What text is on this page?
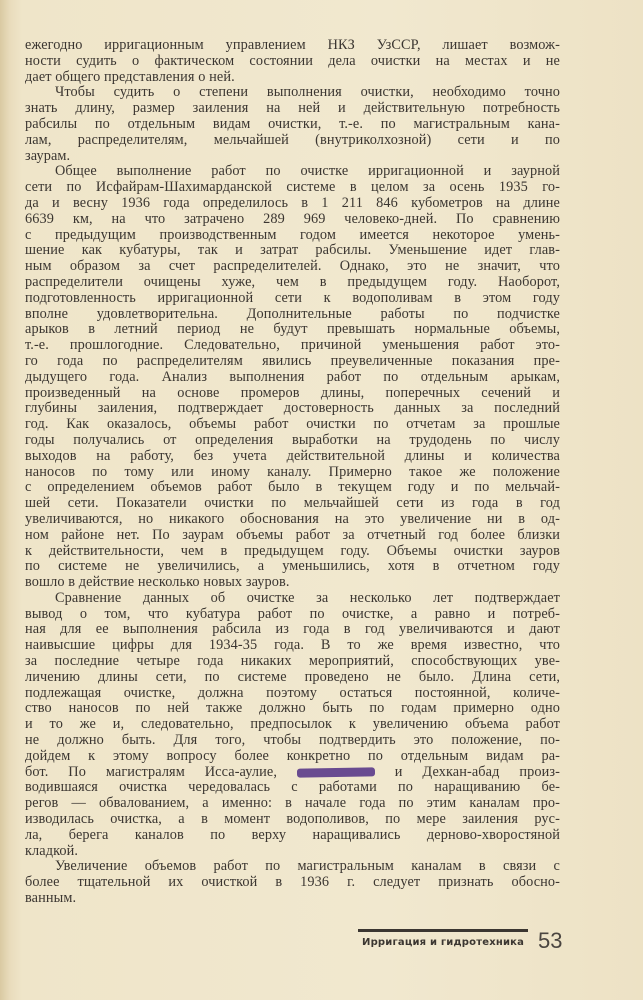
ежегодно ирригационным управлением НКЗ УзССР, лишает возмож-
ности судить о фактическом состоянии дела очистки на местах и не
дает общего представления о ней.
Чтобы судить о степени выполнения очистки, необходимо точно
знать длину, размер заиления на ней и действительную потребность
рабсилы по отдельным видам очистки, т.-е. по магистральным кана-
лам, распределителям, мельчайшей (внутриколхозной) сети и по
заурам.
Общее выполнение работ по очистке ирригационной и заурной
сети по Исфайрам-Шахимарданской системе в целом за осень 1935 го-
да и весну 1936 года определилось в 1 211 846 кубометров на длине
6639 км, на что затрачено 289 969 человеко-дней. По сравнению
с предыдущим производственным годом имеется некоторое умень-
шение как кубатуры, так и затрат рабсилы. Уменьшение идет глав-
ным образом за счет распределителей. Однако, это не значит, что
распределители очищены хуже, чем в предыдущем году. Наоборот,
подготовленность ирригационной сети к водополивам в этом году
вполне удовлетворительна. Дополнительные работы по подчистке
арыков в летний период не будут превышать нормальные объемы,
т.-е. прошлогодние. Следовательно, причиной уменьшения работ это-
го года по распределителям явились преувеличенные показания пре-
дыдущего года. Анализ выполнения работ по отдельным арыкам,
произведенный на основе промеров длины, поперечных сечений и
глубины заиления, подтверждает достоверность данных за последний
год. Как оказалось, объемы работ очистки по отчетам за прошлые
годы получались от определения выработки на трудодень по числу
выходов на работу, без учета действительной длины и количества
наносов по тому или иному каналу. Примерно такое же положение
с определением объемов работ было в текущем году и по мельчай-
шей сети. Показатели очистки по мельчайшей сети из года в год
увеличиваются, но никакого обоснования на это увеличение ни в од-
ном районе нет. По заурам объемы работ за отчетный год более близки
к действительности, чем в предыдущем году. Объемы очистки зауров
по системе не увеличились, а уменьшились, хотя в отчетном году
вошло в действие несколько новых зауров.
Сравнение данных об очистке за несколько лет подтверждает
вывод о том, что кубатура работ по очистке, а равно и потреб-
ная для ее выполнения рабсила из года в год увеличиваются и дают
наивысшие цифры для 1934-35 года. В то же время известно, что
за последние четыре года никаких мероприятий, способствующих уве-
личению длины сети, по системе проведено не было. Длина сети,
подлежащая очистке, должна поэтому остаться постоянной, количе-
ство наносов по ней также должно быть по годам примерно одно
и то же и, следовательно, предпосылок к увеличению объема работ
не должно быть. Для того, чтобы подтвердить это положение, по-
дойдем к этому вопросу более конкретно по отдельным видам ра-
бот. По магистралям Исса-аулие,	и Дехкан-абад произ-
водившаяся очистка чередовалась с работами по наращиванию бе-
регов — обвалованием, а именно: в начале года по этим каналам про-
изводилась очистка, а в момент водополивов, по мере заиления рус-
ла, берега каналов по верху наращивались дерново-хворостяной
кладкой.
Увеличение объемов работ по магистральным каналам в связи с
более тщательной их очисткой в 1936 г. следует признать обосно-
ванным.
Ирригация и гидротехника 53
